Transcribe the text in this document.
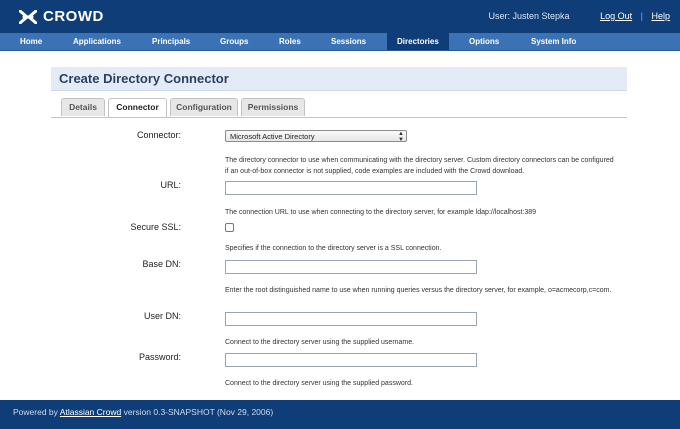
CROWD	User: Justen Stepka	Log Out | Help
Home	Applications	Principals	Groups	Roles	Sessions	Directories	Options	System Info
Create Directory Connector
Details	Connector	Configuration	Permissions
Connector:	Microsoft Active Directory	▲
▼
The directory connector to use when communicating with the directory server. Custom directory connectors can be configured if an out-of-box connector is not supplied, code examples are included with the Crowd download.
URL:
The connection URL to use when connecting to the directory server, for example ldap://localhost:389
Secure SSL:
Specifies if the connection to the directory server is a SSL connection.
Base DN:
Enter the root distinguished name to use when running queries versus the directory server, for example, o=acmecorp,c=com.
User DN:
Connect to the directory server using the supplied username.
Password:
Connect to the directory server using the supplied password.
Powered by Atlassian Crowd version 0.3-SNAPSHOT (Nov 29, 2006)
